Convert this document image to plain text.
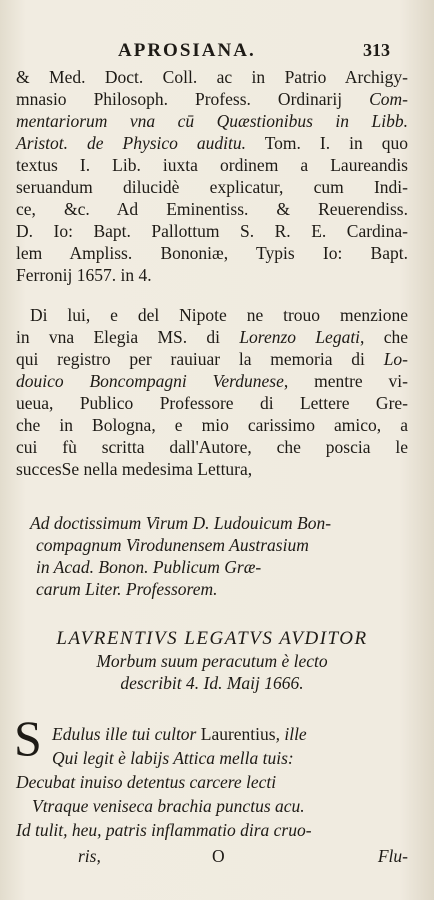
APROSIANA.	313
& Med. Doct. Coll. ac in Patrio Archigy-
mnasio Philosoph. Profess. Ordinarij Com-
mentariorum vna cū Quæstionibus in Libb.
Aristot. de Physico auditu. Tom. I. in quo
textus I. Lib. iuxta ordinem a Laureandis
seruandum dilucidè explicatur, cum Indi-
ce, &c. Ad Eminentiss. & Reuerendiss.
D. Io: Bapt. Pallottum S. R. E. Cardina-
lem Amplіss. Bononiæ, Typis Io: Bapt.
Ferronij 1657. in 4.
Di lui, e del Nipote ne trouo menzione
in vna Elegia MS. di Lorenzo Legati, che
qui registro per rauiuar la memoria di Lo-
douico Boncompagni Verdunese, mentre vi-
ueua, Publico Professore di Lettere Gre-
che in Bologna, e mio carissimo amico, a
cui fù scritta dall'Autore, che poscia le
succesSe nella medesima Lettura,
Ad doctissimum Virum D. Ludouicum Bon-
compagnum Virodunensem Austrasium
in Acad. Bonon. Publicum Græ-
carum Liter. Professorem.
LAVRENTIVS LEGATVS AVDITOR
Morbum suum peracutum è lecto
describit 4. Id. Maij 1666.
S Edulus ille tui cultor Laurentius, ille
Qui legit è labijs Attica mella tuis:
Decubat inuiso detentus carcere lecti
Vtraque venisecа brachia punctus acu.
Id tulit, heu, patris inflammatio dira cruo-
ris,	O	Flu-
